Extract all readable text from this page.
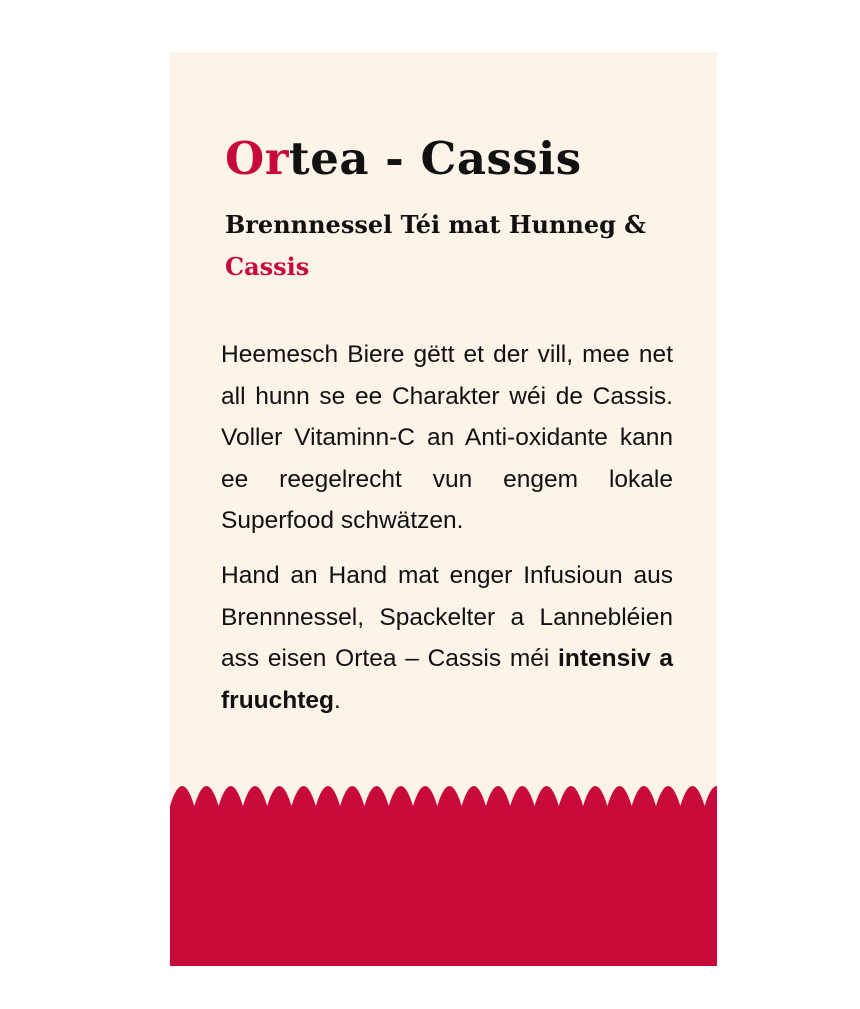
Ortea - Cassis
Brennnessel Téi mat Hunneg &
Cassis

Heemesch Biere gëtt et der vill, mee net all hunn se ee Charakter wéi de Cassis. Voller Vitaminn-C an Anti-oxidante kann ee reegelrecht vun engem lokale Superfood schwätzen.

Hand an Hand mat enger Infusioun aus Brennnessel, Spackelter a Lannebléien ass eisen Ortea – Cassis méi intensiv a fruuchteg.
